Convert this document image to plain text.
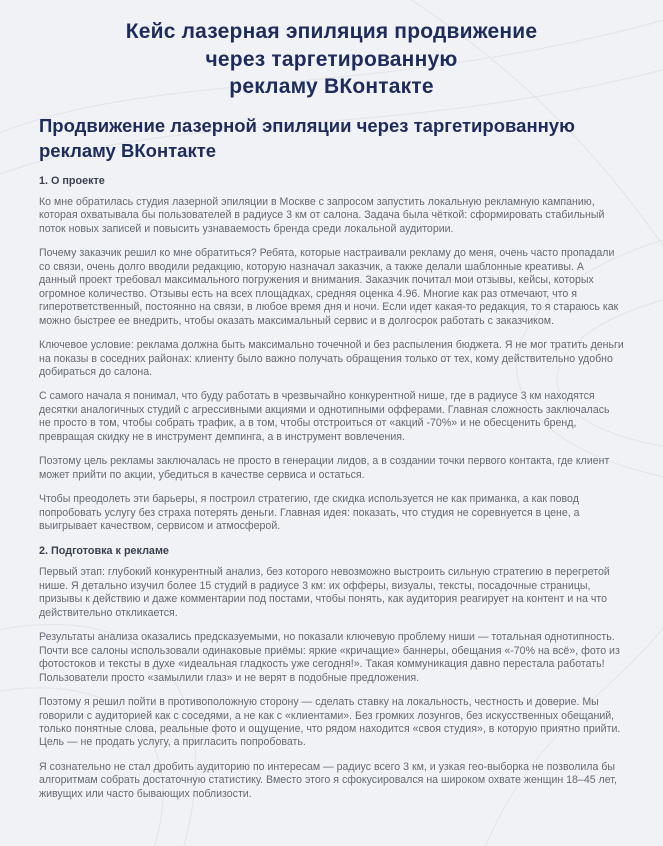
Кейс лазерная эпиляция продвижение
через таргетированную
рекламу ВКонтакте
Продвижение лазерной эпиляции через таргетированную рекламу ВКонтакте
1. О проекте

Ко мне обратилась студия лазерной эпиляции в Москве с запросом запустить локальную рекламную кампанию, которая охватывала бы пользователей в радиусе 3 км от салона. Задача была чёткой: сформировать стабильный поток новых записей и повысить узнаваемость бренда среди локальной аудитории.

Почему заказчик решил ко мне обратиться? Ребята, которые настраивали рекламу до меня, очень часто пропадали со связи, очень долго вводили редакцию, которую назначал заказчик, а также делали шаблонные креативы. А данный проект требовал максимального погружения и внимания. Заказчик почитал мои отзывы, кейсы, которых огромное количество. Отзывы есть на всех площадках, средняя оценка 4.96. Многие как раз отмечают, что я гиперответственный, постоянно на связи, в любое время дня и ночи. Если идет какая-то редакция, то я стараюсь как можно быстрее ее внедрить, чтобы оказать максимальный сервис и в долгосрок работать с заказчиком.

Ключевое условие: реклама должна быть максимально точечной и без распыления бюджета. Я не мог тратить деньги на показы в соседних районах: клиенту было важно получать обращения только от тех, кому действительно удобно добираться до салона.

С самого начала я понимал, что буду работать в чрезвычайно конкурентной нише, где в радиусе 3 км находятся десятки аналогичных студий с агрессивными акциями и однотипными офферами. Главная сложность заключалась не просто в том, чтобы собрать трафик, а в том, чтобы отстроиться от «акций -70%» и не обесценить бренд, превращая скидку не в инструмент демпинга, а в инструмент вовлечения.

Поэтому цель рекламы заключалась не просто в генерации лидов, а в создании точки первого контакта, где клиент может прийти по акции, убедиться в качестве сервиса и остаться.

Чтобы преодолеть эти барьеры, я построил стратегию, где скидка используется не как приманка, а как повод попробовать услугу без страха потерять деньги. Главная идея: показать, что студия не соревнуется в цене, а выигрывает качеством, сервисом и атмосферой.

2. Подготовка к рекламе

Первый этап: глубокий конкурентный анализ, без которого невозможно выстроить сильную стратегию в перегретой нише. Я детально изучил более 15 студий в радиусе 3 км: их офферы, визуалы, тексты, посадочные страницы, призывы к действию и даже комментарии под постами, чтобы понять, как аудитория реагирует на контент и на что действительно откликается.

Результаты анализа оказались предсказуемыми, но показали ключевую проблему ниши — тотальная однотипность. Почти все салоны использовали одинаковые приёмы: яркие «кричащие» баннеры, обещания «-70% на всё», фото из фотостоков и тексты в духе «идеальная гладкость уже сегодня!». Такая коммуникация давно перестала работать! Пользователи просто «замылили глаз» и не верят в подобные предложения.

Поэтому я решил пойти в противоположную сторону — сделать ставку на локальность, честность и доверие. Мы говорили с аудиторией как с соседями, а не как с «клиентами». Без громких лозунгов, без искусственных обещаний, только понятные слова, реальные фото и ощущение, что рядом находится «своя студия», в которую приятно прийти. Цель — не продать услугу, а пригласить попробовать.

Я сознательно не стал дробить аудиторию по интересам — радиус всего 3 км, и узкая гео-выборка не позволила бы алгоритмам собрать достаточную статистику. Вместо этого я сфокусировался на широком охвате женщин 18–45 лет, живущих или часто бывающих поблизости.
